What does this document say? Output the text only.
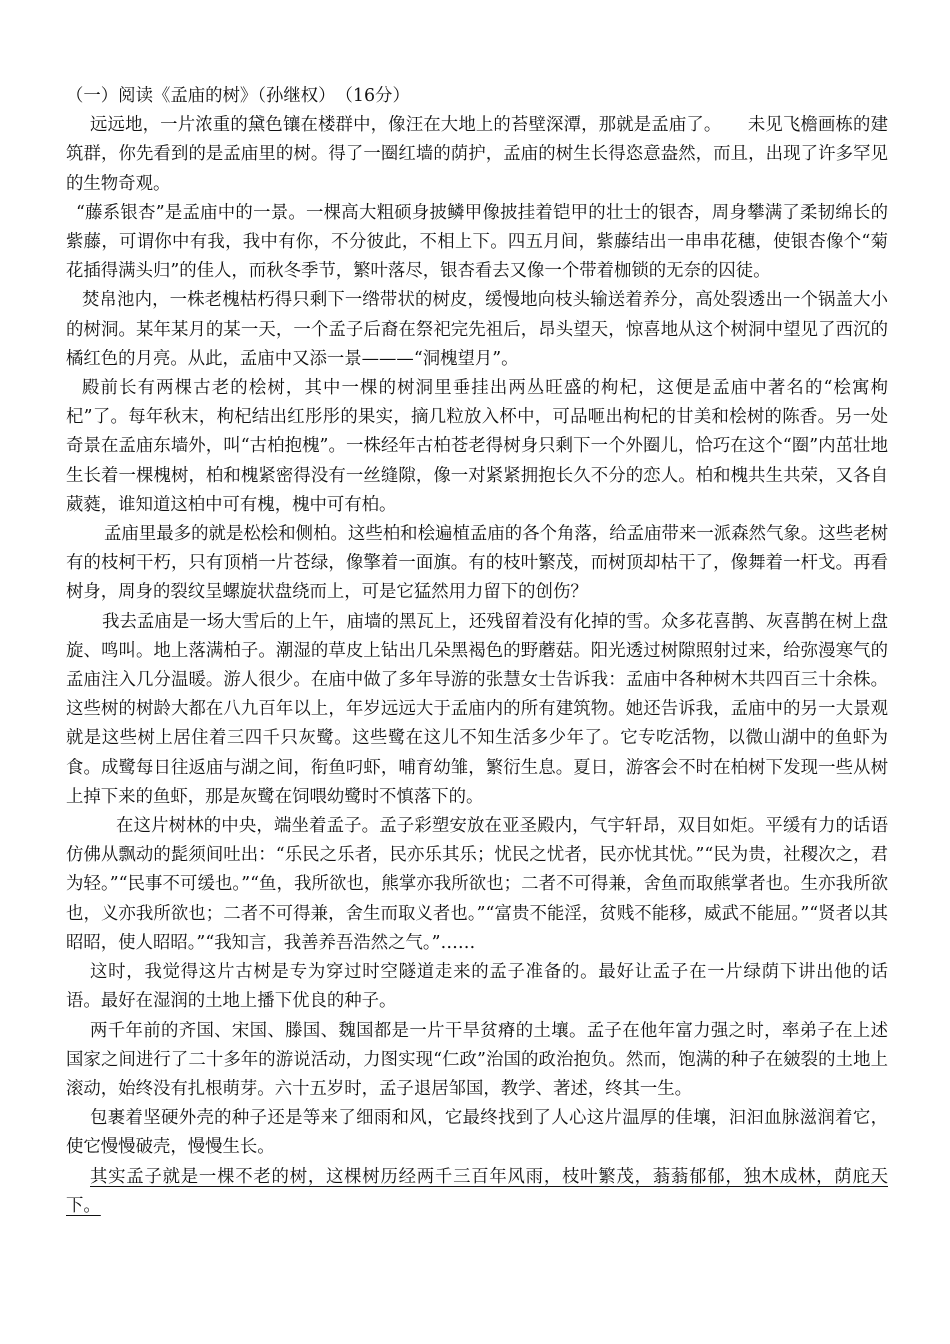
（一）阅读《孟庙的树》（孙继权）　（16分）

远远地，一片浓重的黛色镶在楼群中，像汪在大地上的苔壁深潭，那就是孟庙了。　　未见飞檐画栋的建筑群，你先看到的是孟庙里的树。得了一圈红墙的荫护，孟庙的树生长得恣意盎然，而且，出现了许多罕见的生物奇观。

“藤系银杏”是孟庙中的一景。一棵高大粗硕身披鳞甲像披挂着铠甲的壮士的银杏，周身攀满了柔韧绵长的紫藤，可谓你中有我，我中有你，不分彼此，不相上下。四五月间，紫藤结出一串串花穗，使银杏像个“菊花插得满头归”的佳人，而秋冬季节，繁叶落尽，银杏看去又像一个带着枷锁的无奈的囚徒。

焚帛池内，一株老槐枯朽得只剩下一绺带状的树皮，缓慢地向枝头输送着养分，高处裂透出一个锅盖大小的树洞。某年某月的某一天，一个孟子后裔在祭祀完先祖后，昂头望天，惊喜地从这个树洞中望见了西沉的橘红色的月亮。从此，孟庙中又添一景———“洞槐望月”。

殿前长有两棵古老的桧树，其中一棵的树洞里垂挂出两丛旺盛的枸杞，这便是孟庙中著名的“桧寓枸杞”了。每年秋末，枸杞结出红彤彤的果实，摘几粒放入杯中，可品咂出枸杞的甘美和桧树的陈香。另一处奇景在孟庙东墙外，叫“古柏抱槐”。一株经年古柏苍老得树身只剩下一个外圈儿，恰巧在这个“圈”内茁壮地生长着一棵槐树，柏和槐紧密得没有一丝缝隙，像一对紧紧拥抱长久不分的恋人。柏和槐共生共荣，又各自葳蕤，谁知道这柏中可有槐，槐中可有柏。

孟庙里最多的就是松桧和侧柏。这些柏和桧遍植孟庙的各个角落，给孟庙带来一派森然气象。这些老树有的枝柯干朽，只有顶梢一片苍绿，像擎着一面旗。有的枝叶繁茂，而树顶却枯干了，像舞着一杆戈。再看树身，周身的裂纹呈螺旋状盘绕而上，可是它猛然用力留下的创伤？

我去孟庙是一场大雪后的上午，庙墙的黑瓦上，还残留着没有化掉的雪。众多花喜鹊、灰喜鹊在树上盘旋、鸣叫。地上落满柏子。潮湿的草皮上钻出几朵黑褐色的野蘑菇。阳光透过树隙照射过来，给弥漫寒气的孟庙注入几分温暖。游人很少。在庙中做了多年导游的张慧女士告诉我：孟庙中各种树木共四百三十余株。这些树的树龄大都在八九百年以上，年岁远远大于孟庙内的所有建筑物。她还告诉我，孟庙中的另一大景观就是这些树上居住着三四千只灰鹭。这些鹭在这儿不知生活多少年了。它专吃活物，以微山湖中的鱼虾为食。成鹭每日往返庙与湖之间，衔鱼叼虾，哺育幼雏，繁衍生息。夏日，游客会不时在柏树下发现一些从树上掉下来的鱼虾，那是灰鹭在饲喂幼鹭时不慎落下的。

在这片树林的中央，端坐着孟子。孟子彩塑安放在亚圣殿内，气宇轩昂，双目如炬。平缓有力的话语仿佛从飘动的髭须间吐出：“乐民之乐者，民亦乐其乐；忧民之忧者，民亦忧其忧。”“民为贵，社稷次之，君为轻。”“民事不可缓也。”“鱼，我所欲也，熊掌亦我所欲也；二者不可得兼，舍鱼而取熊掌者也。生亦我所欲也，义亦我所欲也；二者不可得兼，舍生而取义者也。”“富贵不能淫，贫贱不能移，威武不能屈。”“贤者以其昭昭，使人昭昭。”“我知言，我善养吾浩然之气。”……

这时，我觉得这片古树是专为穿过时空隧道走来的孟子准备的。最好让孟子在一片绿荫下讲出他的话语。最好在湿润的土地上播下优良的种子。

两千年前的齐国、宋国、滕国、魏国都是一片干旱贫瘠的土壤。孟子在他年富力强之时，率弟子在上述国家之间进行了二十多年的游说活动，力图实现“仁政”治国的政治抱负。然而，饱满的种子在皴裂的土地上滚动，始终没有扎根萌芽。六十五岁时，孟子退居邹国，教学、著述，终其一生。

包裹着坚硬外壳的种子还是等来了细雨和风，它最终找到了人心这片温厚的佳壤，汩汩血脉滋润着它，使它慢慢破壳，慢慢生长。

其实孟子就是一棵不老的树，这棵树历经两千三百年风雨，枝叶繁茂，蓊蓊郁郁，独木成林，荫庇天下。
